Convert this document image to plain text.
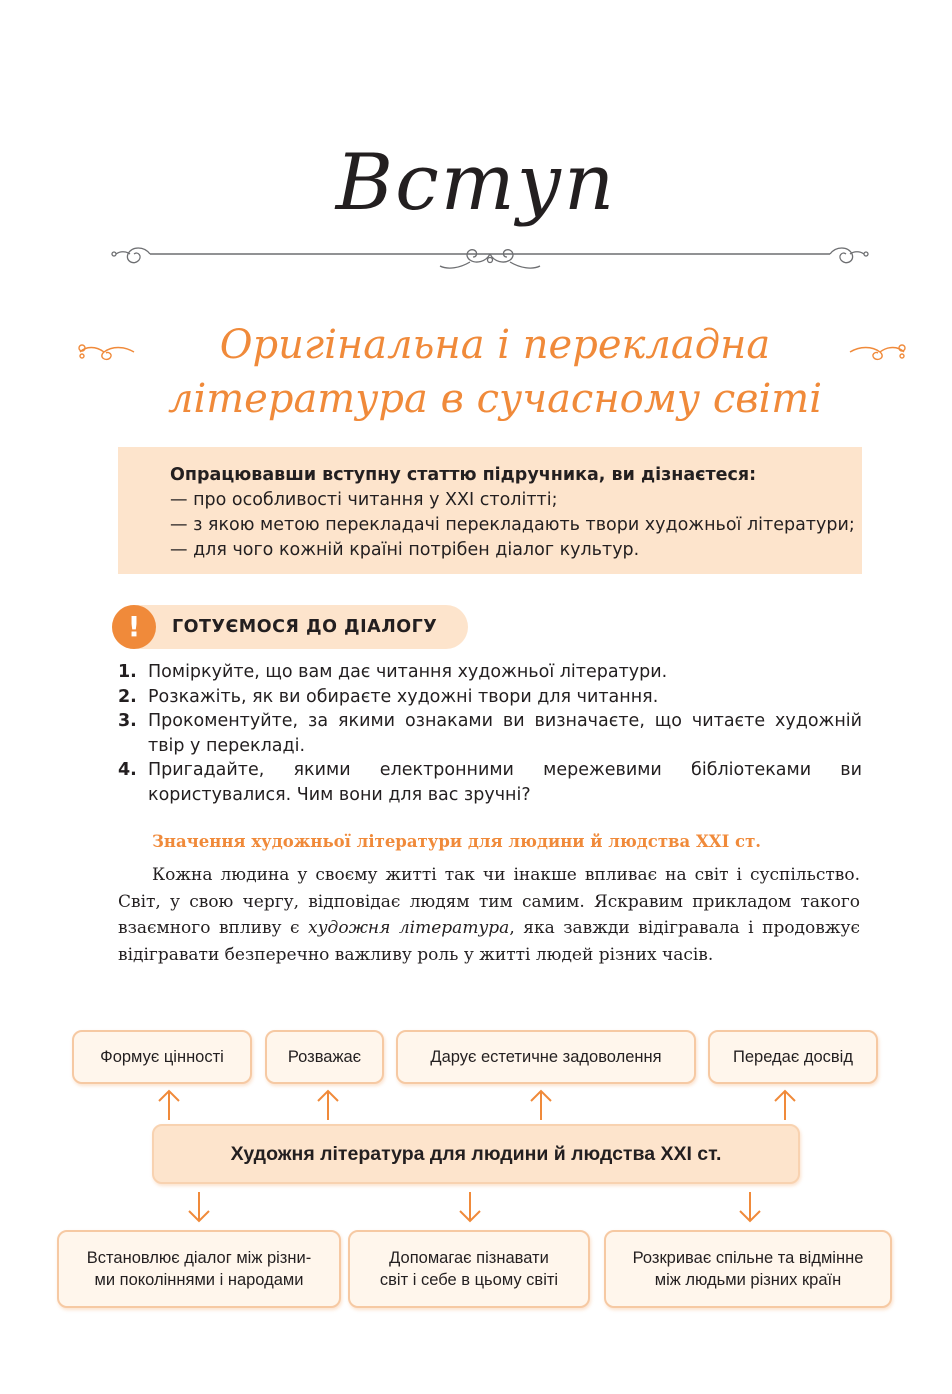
Вступ
Оригінальна і перекладна
література в сучасному світі
Опрацювавши вступну статтю підручника, ви дізнаєтеся:
— про особливості читання у XXI столітті;
— з якою метою перекладачі перекладають твори художньої літератури;
— для чого кожній країні потрібен діалог культур.
!	ГОТУЄМОСЯ ДО ДІАЛОГУ
1. Поміркуйте, що вам дає читання художньої літератури.
2. Розкажіть, як ви обираєте художні твори для читання.
3. Прокоментуйте, за якими ознаками ви визначаєте, що читаєте художній твір у перекладі.
4. Пригадайте, якими електронними мережевими бібліотеками ви користувалися. Чим вони для вас зручні?
Значення художньої літератури для людини й людства XXI ст.
Кожна людина у своєму житті так чи інакше впливає на світ і суспільство. Світ, у свою чергу, відповідає людям тим самим. Яскравим прикладом такого взаємного впливу є художня література, яка завжди відігравала і продовжує відігравати безперечно важливу роль у житті людей різних часів.
Формує цінності	Розважає	Дарує естетичне задоволення	Передає досвід
Художня література для людини й людства XXI ст.
Встановлює діалог між різни-
ми поколіннями і народами
Допомагає пізнавати
світ і себе в цьому світі
Розкриває спільне та відмінне
між людьми різних країн
